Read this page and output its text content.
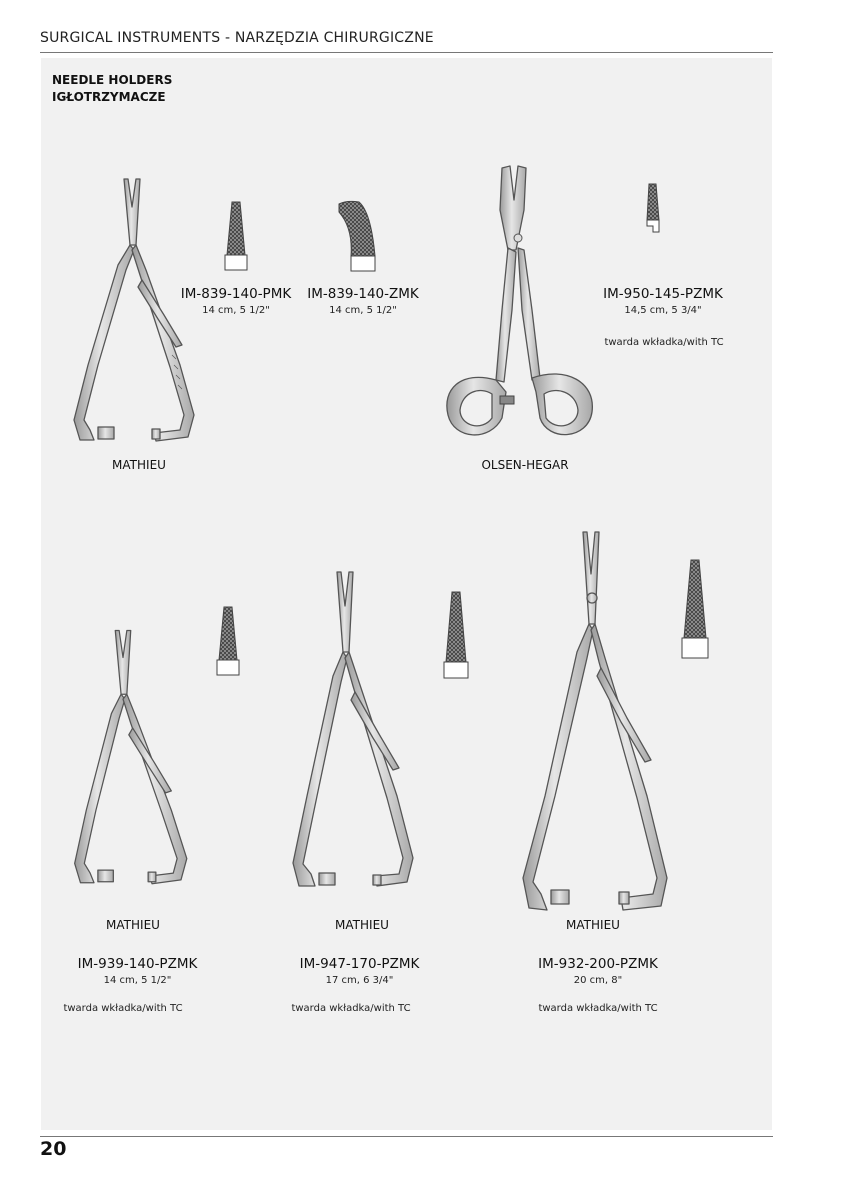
SURGICAL INSTRUMENTS - NARZĘDZIA CHIRURGICZNE
NEEDLE HOLDERS
IGŁOTRZYMACZE
MATHIEU
IM-839-140-PMK
14 cm, 5 1/2"
IM-839-140-ZMK
14 cm, 5 1/2"
OLSEN-HEGAR
IM-950-145-PZMK
14,5 cm, 5 3/4"
twarda wkładka/with TC
MATHIEU
IM-939-140-PZMK
14 cm, 5 1/2"
twarda wkładka/with TC
MATHIEU
IM-947-170-PZMK
17 cm, 6 3/4"
twarda wkładka/with TC
MATHIEU
IM-932-200-PZMK
20 cm, 8"
twarda wkładka/with TC
20
